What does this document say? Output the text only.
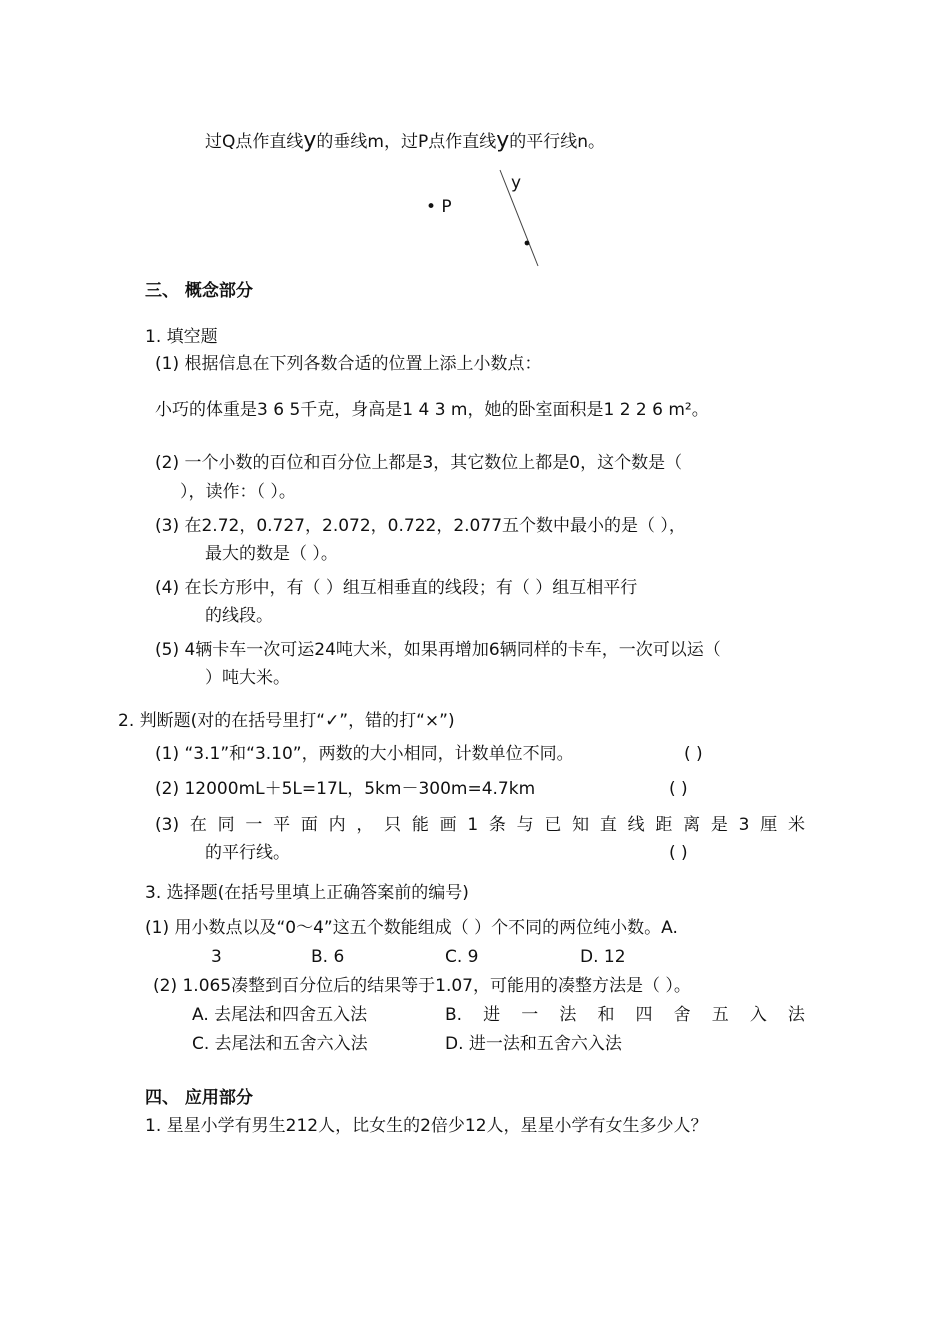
过Q点作直线y的垂线m，过P点作直线y的平行线n。
y
• P
三、 概念部分
1. 填空题
(1) 根据信息在下列各数合适的位置上添上小数点：
小巧的体重是3 6 5千克，身高是1 4 3 m，她的卧室面积是1 2 2 6 m²。
(2) 一个小数的百位和百分位上都是3，其它数位上都是0，这个数是（
），读作：（ ）。
(3) 在2.72，0.727，2.072，0.722，2.077五个数中最小的是（ ），
最大的数是（ ）。
(4) 在长方形中，有（ ）组互相垂直的线段；有（ ）组互相平行
的线段。
(5) 4辆卡车一次可运24吨大米，如果再增加6辆同样的卡车，一次可以运（
）吨大米。
2. 判断题(对的在括号里打“✓”，错的打“×”)
(1) “3.1”和“3.10”，两数的大小相同，计数单位不同。	( )
(2) 12000mL＋5L=17L，5km－300m=4.7km	( )
(3) 在 同 一 平 面 内 ， 只 能 画 1 条 与 已 知 直 线 距 离 是 3 厘 米
的平行线。	( )
3. 选择题(在括号里填上正确答案前的编号)
(1) 用小数点以及“0～4”这五个数能组成（ ）个不同的两位纯小数。A.
3	B. 6	C. 9	D. 12
(2) 1.065凑整到百分位后的结果等于1.07，可能用的凑整方法是（ ）。
A. 去尾法和四舍五入法	B. 进 一 法 和 四 舍 五 入 法
C. 去尾法和五舍六入法	D. 进一法和五舍六入法
四、 应用部分
1. 星星小学有男生212人，比女生的2倍少12人，星星小学有女生多少人？
